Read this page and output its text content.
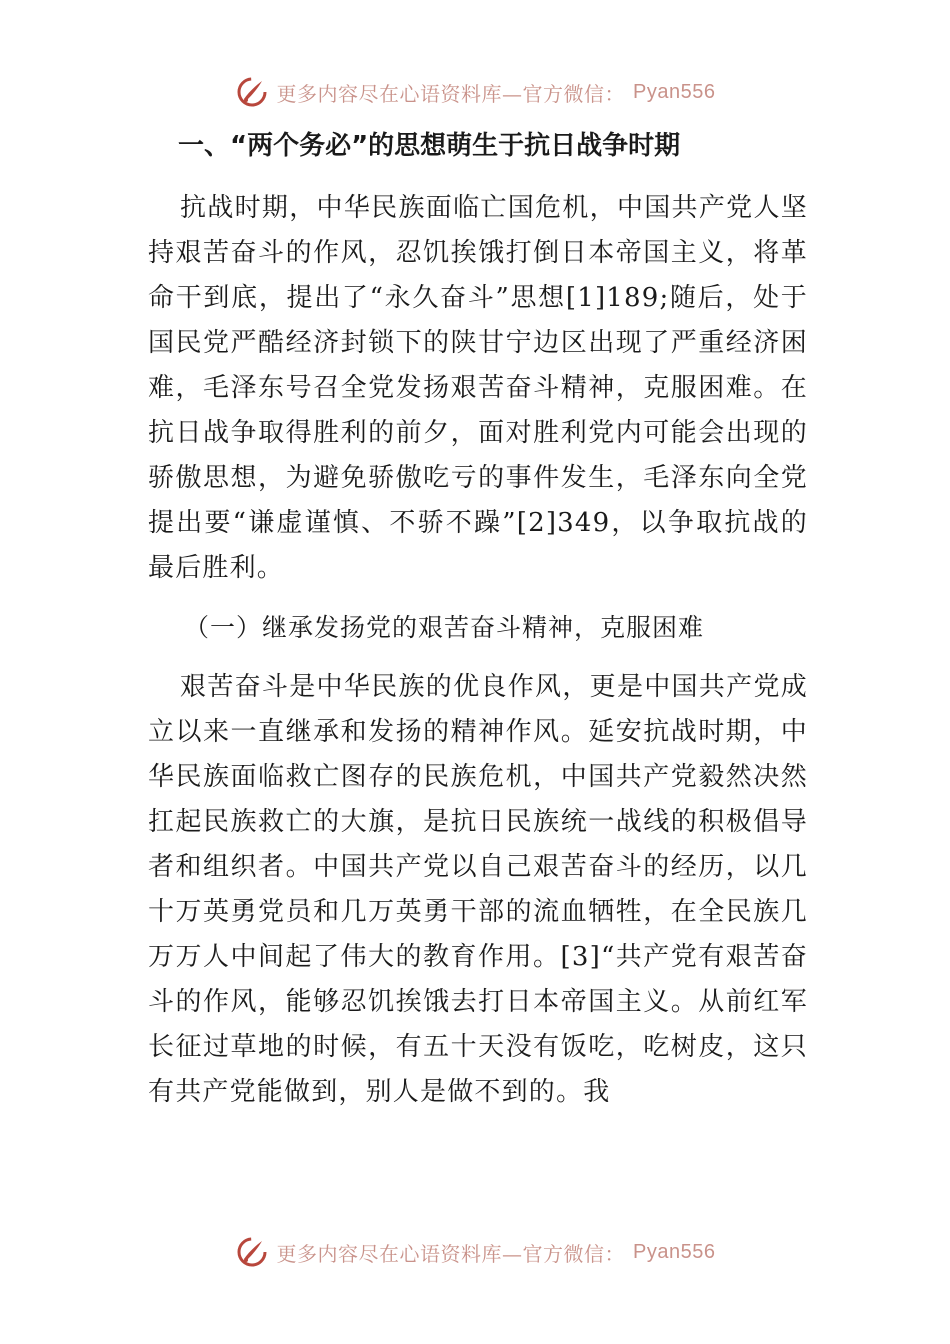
更多内容尽在心语资料库—官方微信： Pyan556
一、“两个务必”的思想萌生于抗日战争时期

抗战时期，中华民族面临亡国危机，中国共产党人坚持艰苦奋斗的作风，忍饥挨饿打倒日本帝国主义，将革命干到底，提出了“永久奋斗”思想[1]189;随后，处于国民党严酷经济封锁下的陕甘宁边区出现了严重经济困难，毛泽东号召全党发扬艰苦奋斗精神，克服困难。在抗日战争取得胜利的前夕，面对胜利党内可能会出现的骄傲思想，为避免骄傲吃亏的事件发生，毛泽东向全党提出要“谦虚谨慎、不骄不躁”[2]349，以争取抗战的最后胜利。

（一）继承发扬党的艰苦奋斗精神，克服困难

艰苦奋斗是中华民族的优良作风，更是中国共产党成立以来一直继承和发扬的精神作风。延安抗战时期，中华民族面临救亡图存的民族危机，中国共产党毅然决然扛起民族救亡的大旗，是抗日民族统一战线的积极倡导者和组织者。中国共产党以自己艰苦奋斗的经历，以几十万英勇党员和几万英勇干部的流血牺牲，在全民族几万万人中间起了伟大的教育作用。[3]“共产党有艰苦奋斗的作风，能够忍饥挨饿去打日本帝国主义。从前红军长征过草地的时候，有五十天没有饭吃，吃树皮，这只有共产党能做到，别人是做不到的。我

更多内容尽在心语资料库—官方微信： Pyan556
